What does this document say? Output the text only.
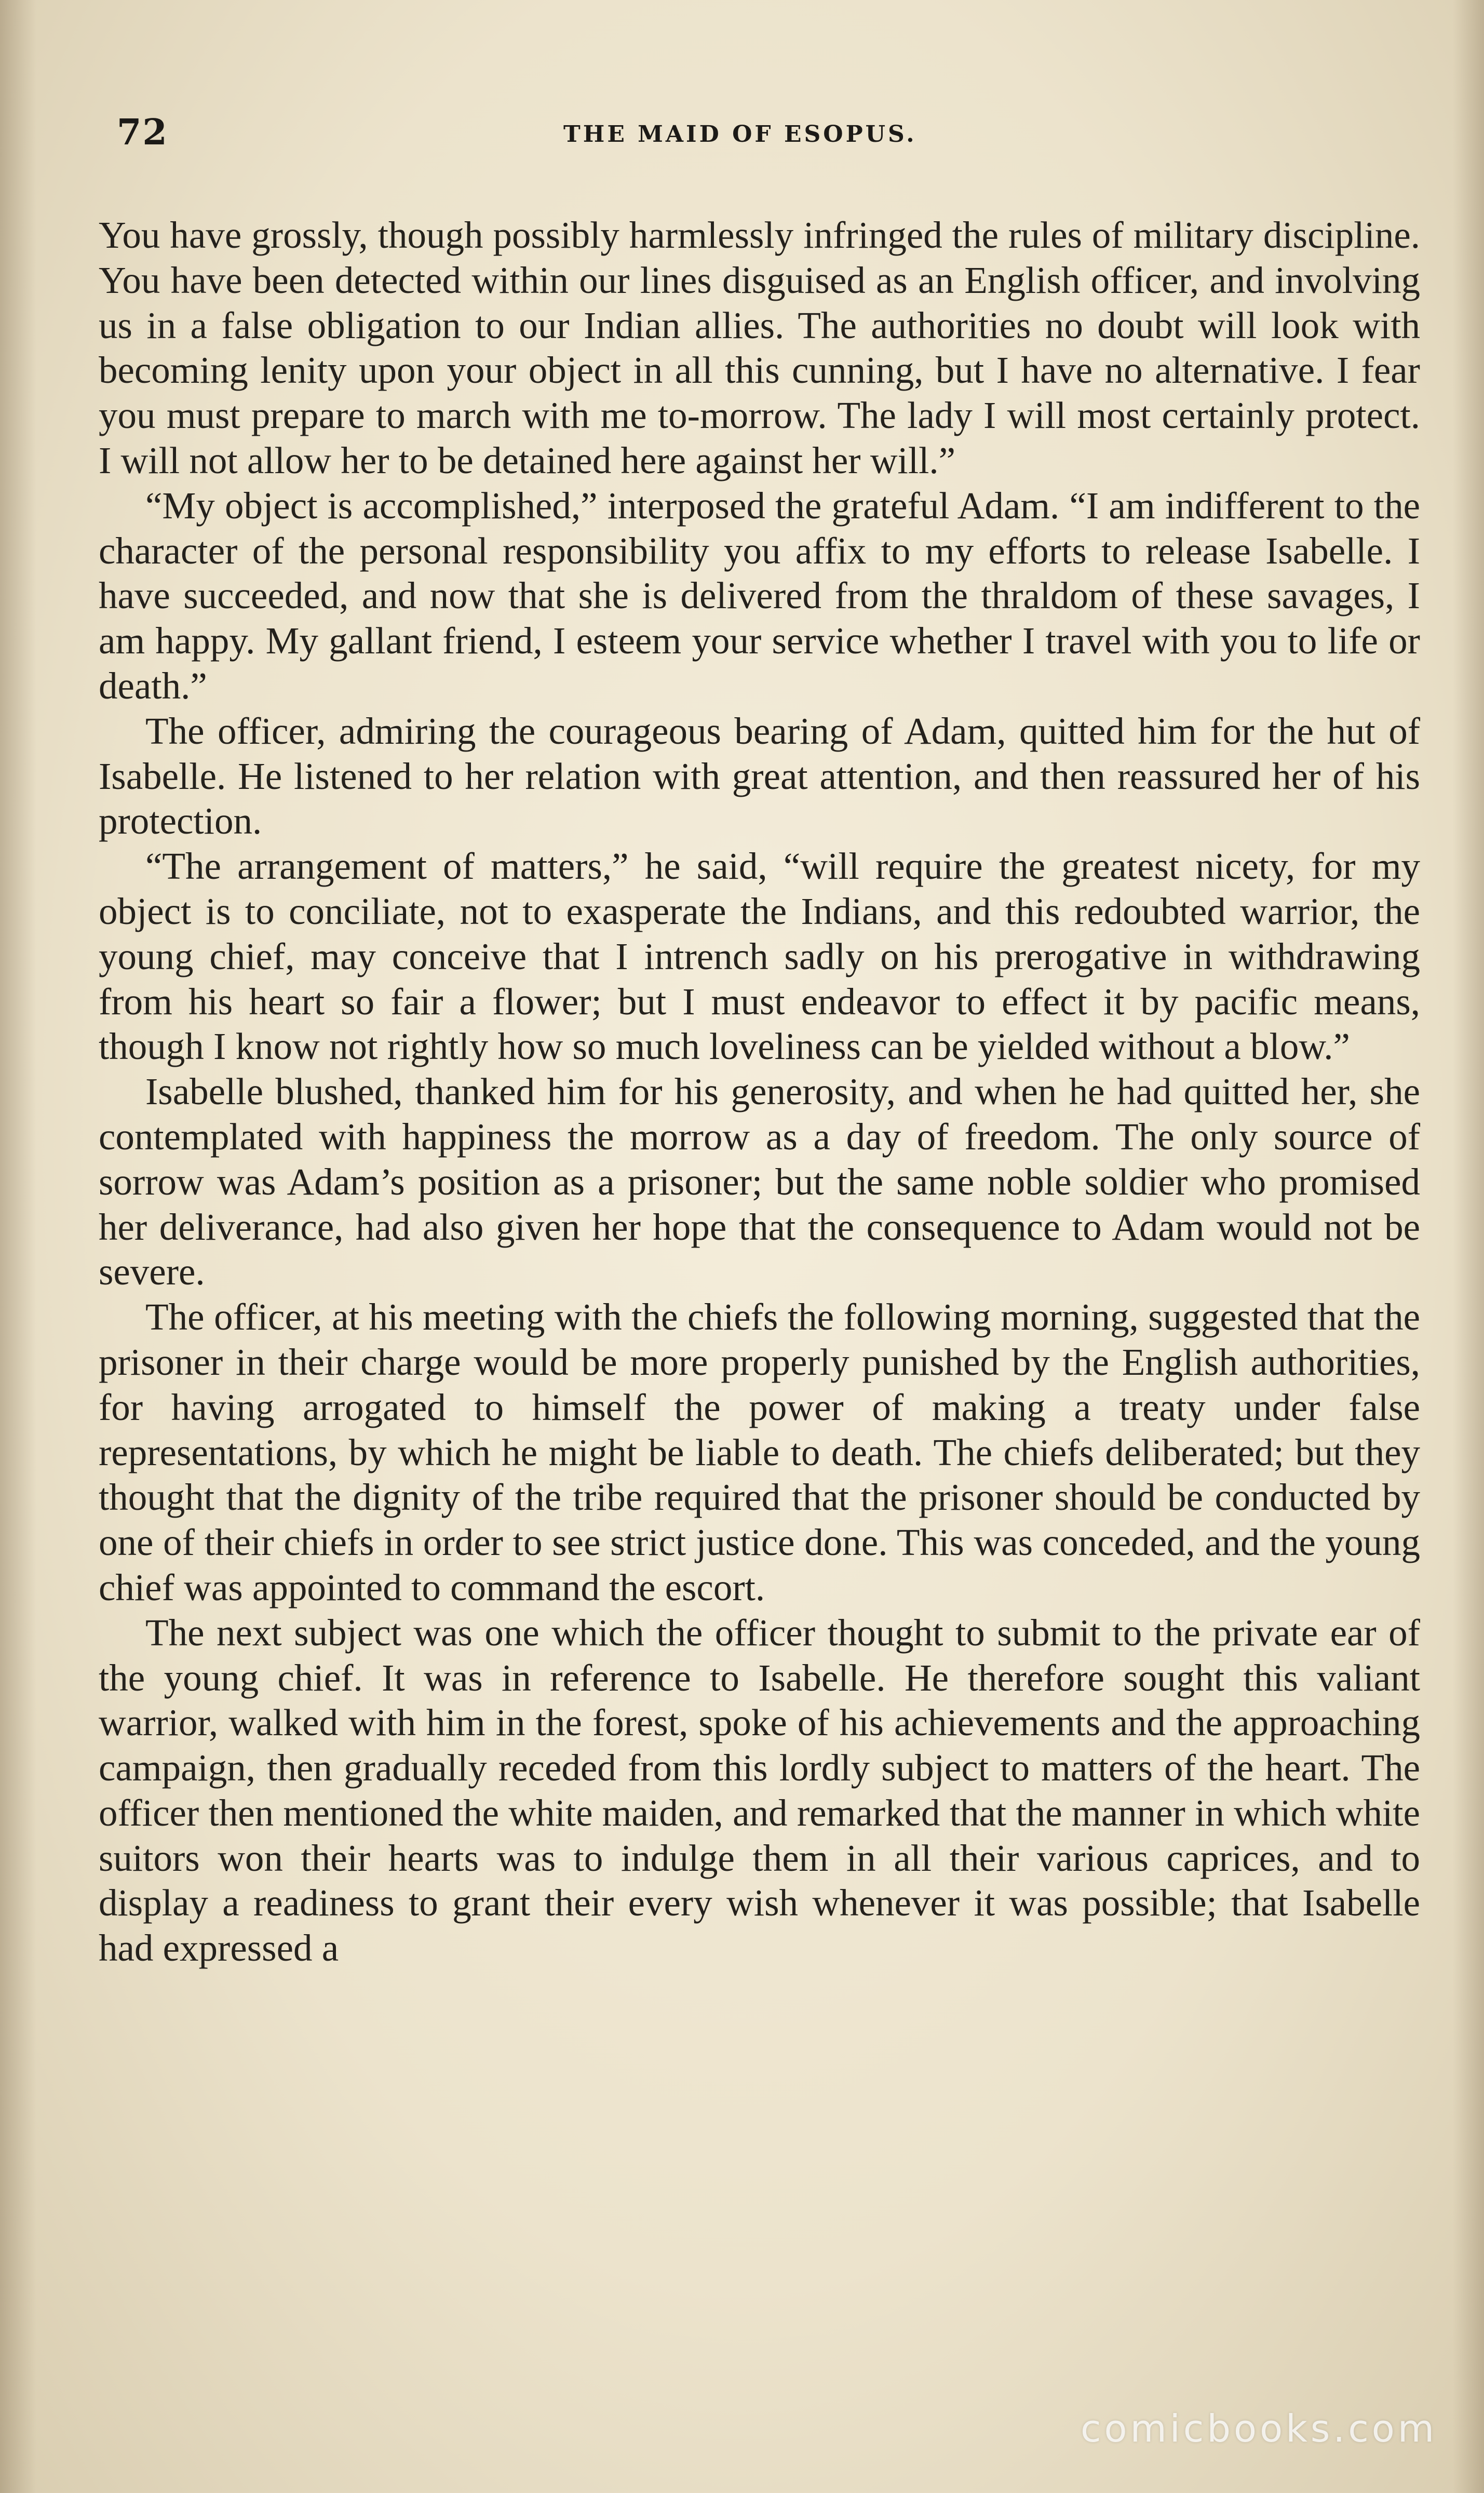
72	THE MAID OF ESOPUS.

You have grossly, though possibly harmlessly infringed the rules of military discipline. You have been detected within our lines disguised as an English officer, and involving us in a false obligation to our Indian allies. The authorities no doubt will look with becoming lenity upon your object in all this cunning, but I have no alternative. I fear you must prepare to march with me to-morrow. The lady I will most certainly protect. I will not allow her to be detained here against her will.”

“My object is accomplished,” interposed the grateful Adam. “I am indifferent to the character of the personal responsibility you affix to my efforts to release Isabelle. I have succeeded, and now that she is delivered from the thraldom of these savages, I am happy. My gallant friend, I esteem your service whether I travel with you to life or death.”

The officer, admiring the courageous bearing of Adam, quitted him for the hut of Isabelle. He listened to her relation with great attention, and then reassured her of his protection.

“The arrangement of matters,” he said, “will require the greatest nicety, for my object is to conciliate, not to exasperate the Indians, and this redoubted warrior, the young chief, may conceive that I intrench sadly on his prerogative in withdrawing from his heart so fair a flower; but I must endeavor to effect it by pacific means, though I know not rightly how so much loveliness can be yielded without a blow.”

Isabelle blushed, thanked him for his generosity, and when he had quitted her, she contemplated with happiness the morrow as a day of freedom. The only source of sorrow was Adam’s position as a prisoner; but the same noble soldier who promised her deliverance, had also given her hope that the consequence to Adam would not be severe.

The officer, at his meeting with the chiefs the following morning, suggested that the prisoner in their charge would be more properly punished by the English authorities, for having arrogated to himself the power of making a treaty under false representations, by which he might be liable to death. The chiefs deliberated; but they thought that the dignity of the tribe required that the prisoner should be conducted by one of their chiefs in order to see strict justice done. This was conceded, and the young chief was appointed to command the escort.

The next subject was one which the officer thought to submit to the private ear of the young chief. It was in reference to Isabelle. He therefore sought this valiant warrior, walked with him in the forest, spoke of his achievements and the approaching campaign, then gradually receded from this lordly subject to matters of the heart. The officer then mentioned the white maiden, and remarked that the manner in which white suitors won their hearts was to indulge them in all their various caprices, and to display a readiness to grant their every wish whenever it was possible; that Isabelle had expressed a

comicbooks.com
